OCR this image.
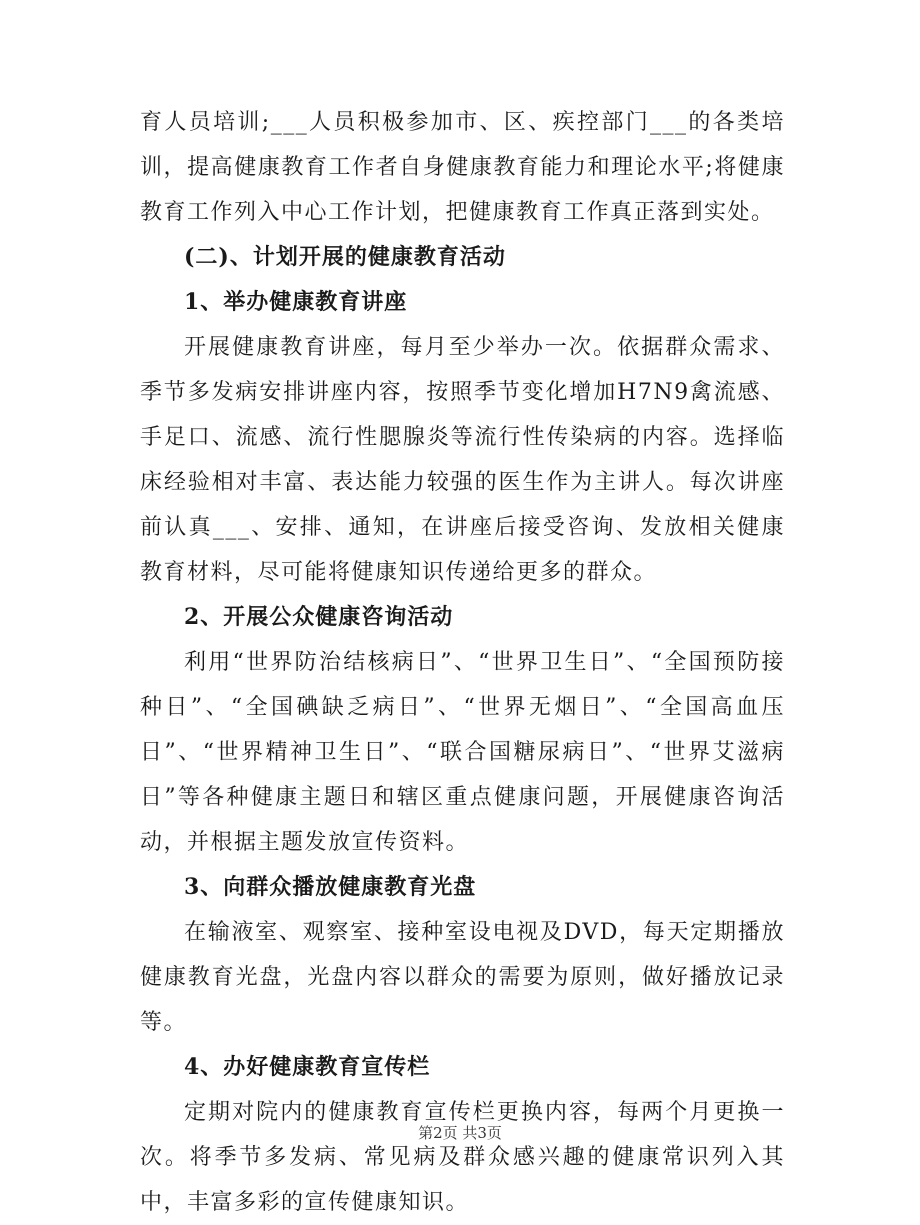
育人员培训;___人员积极参加市、区、疾控部门___的各类培训，提高健康教育工作者自身健康教育能力和理论水平;将健康教育工作列入中心工作计划，把健康教育工作真正落到实处。

(二)、计划开展的健康教育活动

1、举办健康教育讲座

开展健康教育讲座，每月至少举办一次。依据群众需求、季节多发病安排讲座内容，按照季节变化增加H7N9禽流感、手足口、流感、流行性腮腺炎等流行性传染病的内容。选择临床经验相对丰富、表达能力较强的医生作为主讲人。每次讲座前认真___、安排、通知，在讲座后接受咨询、发放相关健康教育材料，尽可能将健康知识传递给更多的群众。

2、开展公众健康咨询活动

利用“世界防治结核病日”、“世界卫生日”、“全国预防接种日”、“全国碘缺乏病日”、“世界无烟日”、“全国高血压日”、“世界精神卫生日”、“联合国糖尿病日”、“世界艾滋病日”等各种健康主题日和辖区重点健康问题，开展健康咨询活动，并根据主题发放宣传资料。

3、向群众播放健康教育光盘

在输液室、观察室、接种室设电视及DVD，每天定期播放健康教育光盘，光盘内容以群众的需要为原则，做好播放记录等。

4、办好健康教育宣传栏

定期对院内的健康教育宣传栏更换内容，每两个月更换一次。将季节多发病、常见病及群众感兴趣的健康常识列入其中，丰富多彩的宣传健康知识。

第2页 共3页
